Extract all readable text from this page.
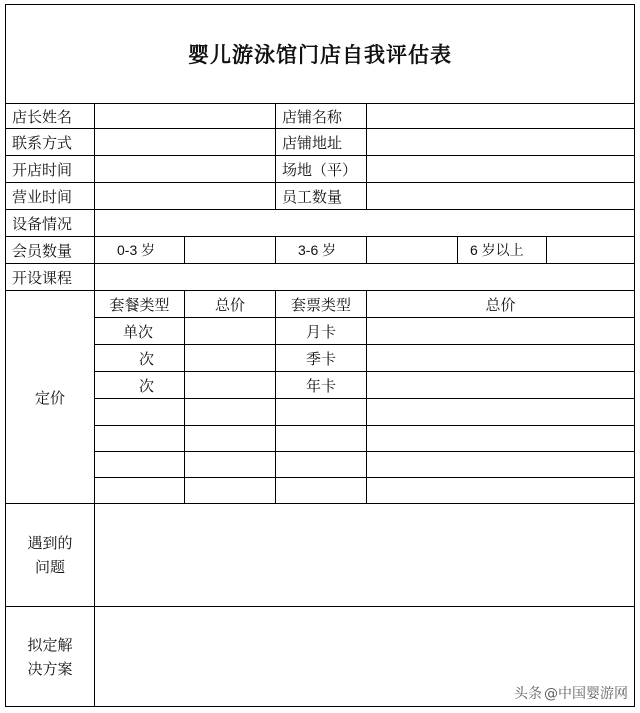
婴儿游泳馆门店自我评估表
店长姓名	店铺名称
联系方式	店铺地址
开店时间	场地（平）
营业时间	员工数量
设备情况
会员数量	0-3 岁	3-6 岁	6 岁以上
开设课程
定价
套餐类型	总价	套票类型	总价
单次	月卡
次	季卡
次	年卡
遇到的
问题
拟定解
决方案
头条 @中国婴游网
